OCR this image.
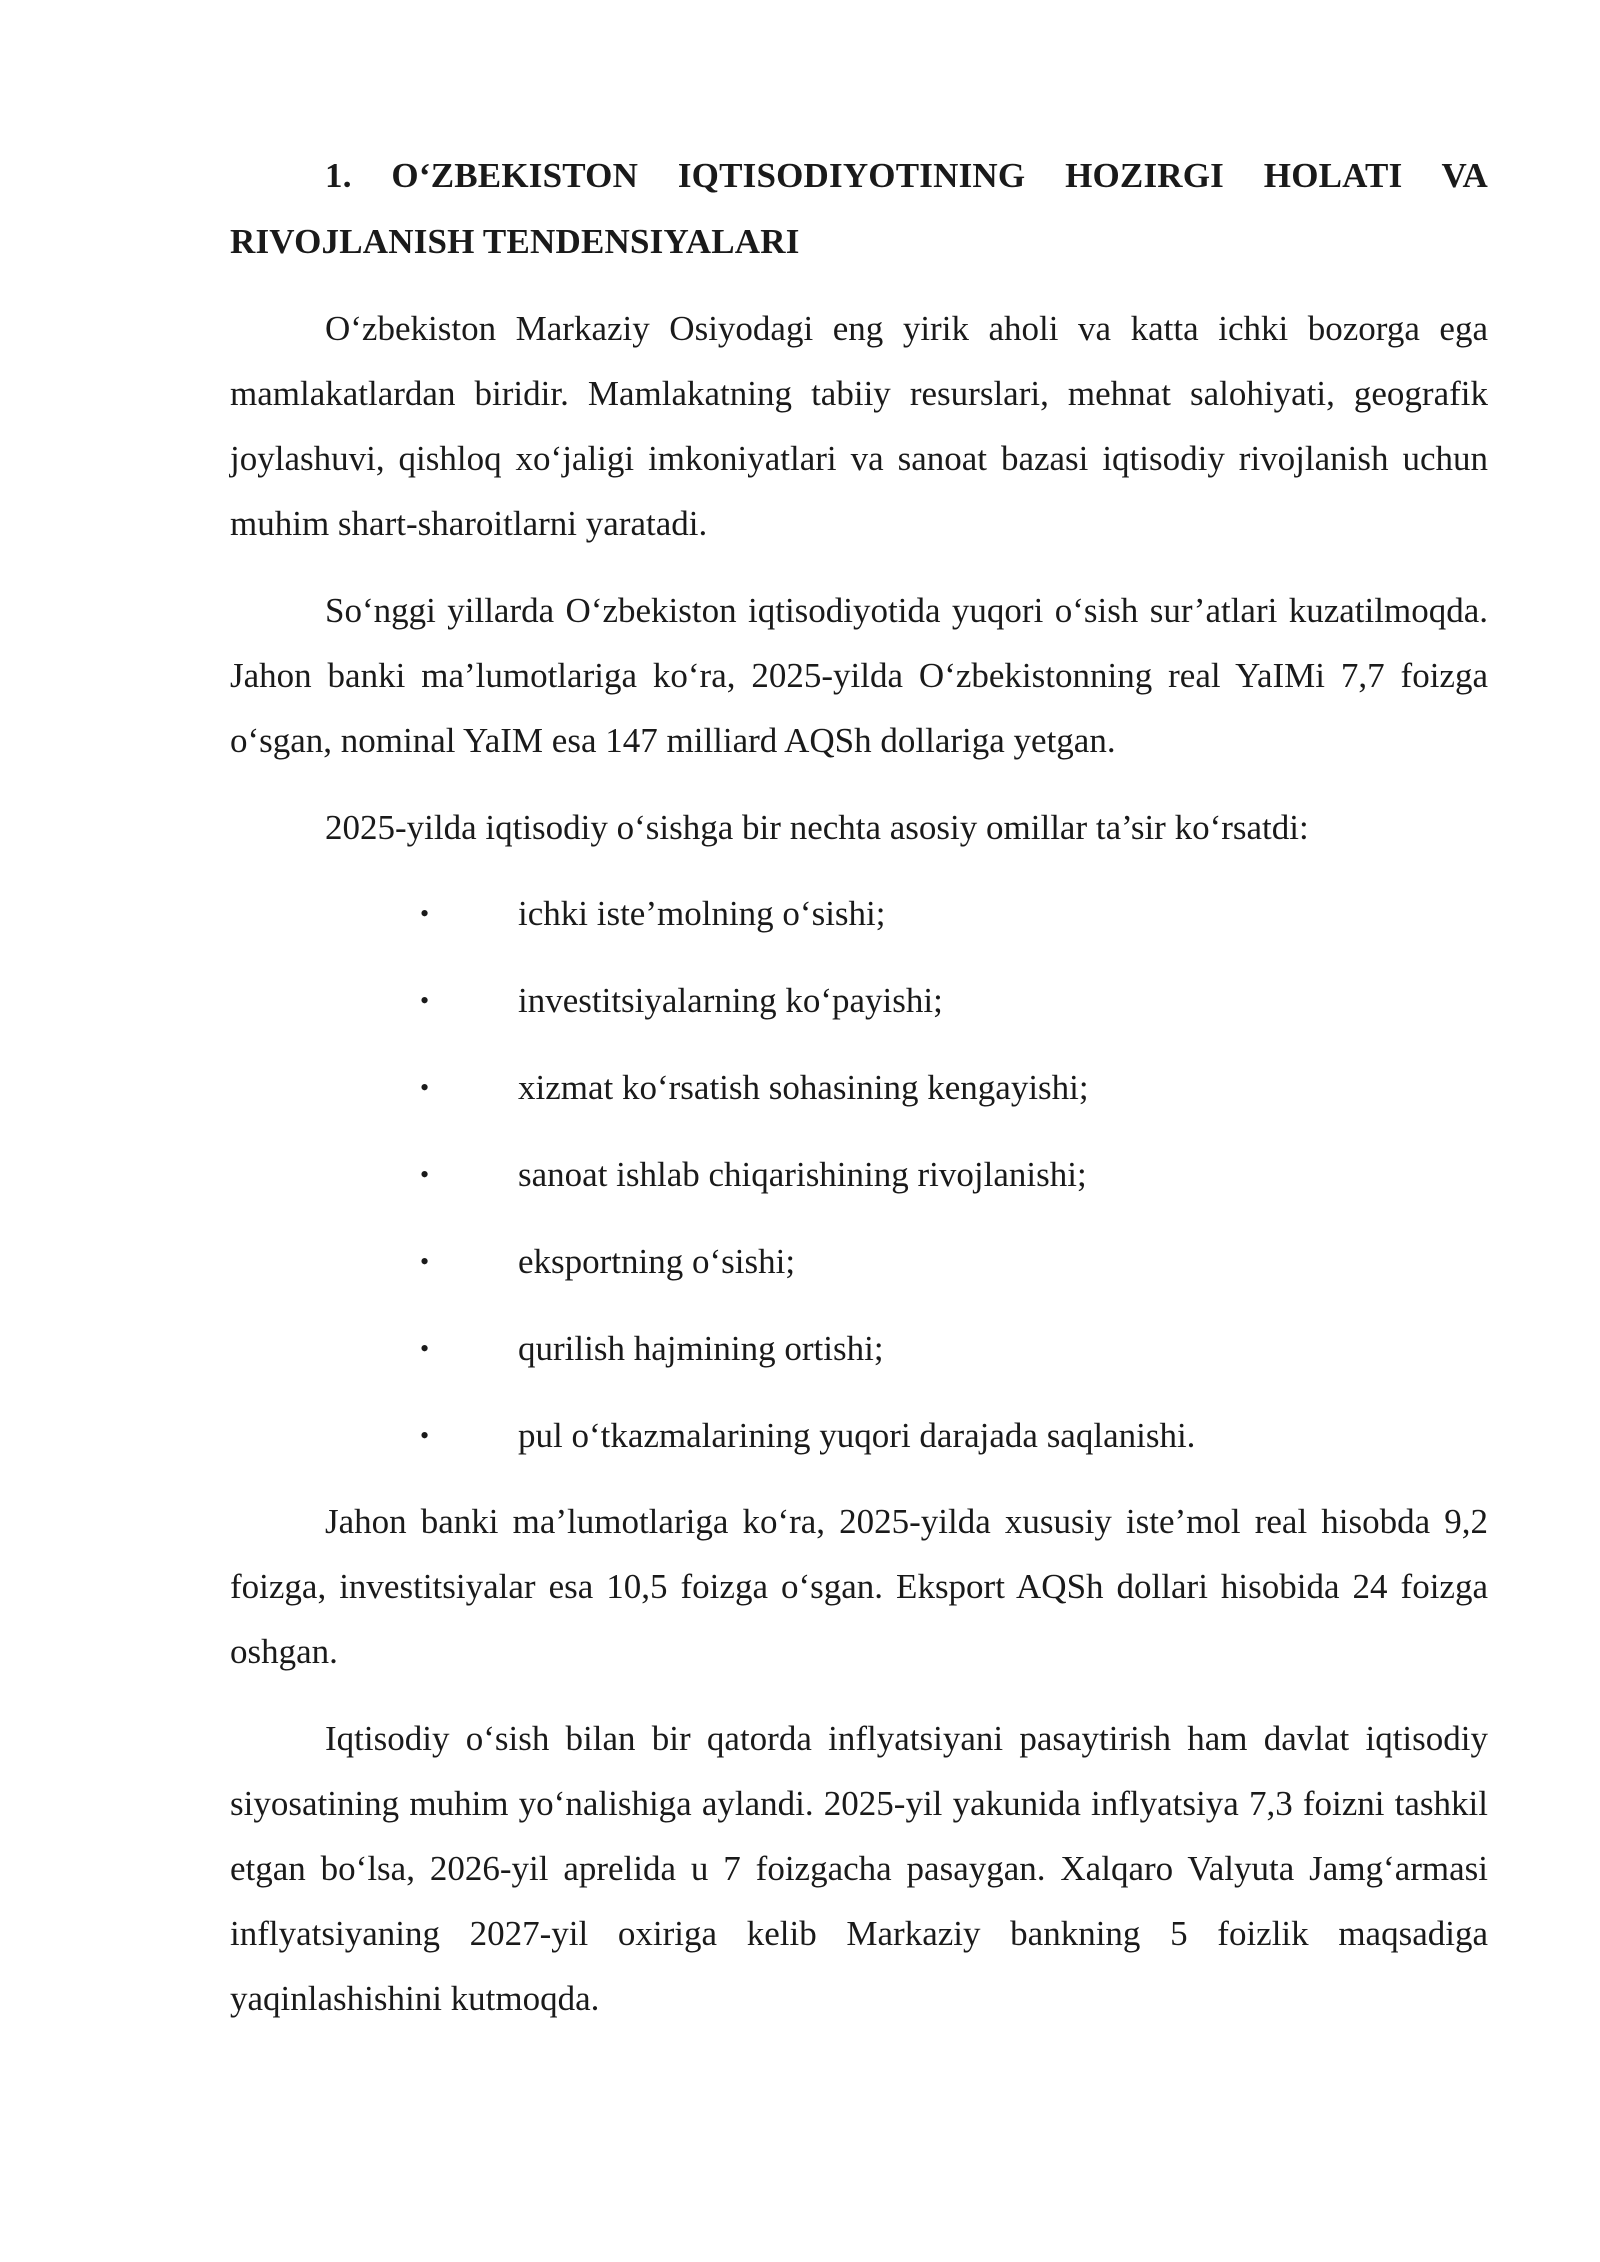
1. O‘ZBEKISTON IQTISODIYOTINING HOZIRGI HOLATI VA RIVOJLANISH TENDENSIYALARI

O‘zbekiston Markaziy Osiyodagi eng yirik aholi va katta ichki bozorga ega mamlakatlardan biridir. Mamlakatning tabiiy resurslari, mehnat salohiyati, geografik joylashuvi, qishloq xo‘jaligi imkoniyatlari va sanoat bazasi iqtisodiy rivojlanish uchun muhim shart-sharoitlarni yaratadi.

So‘nggi yillarda O‘zbekiston iqtisodiyotida yuqori o‘sish sur’atlari kuzatilmoqda. Jahon banki ma’lumotlariga ko‘ra, 2025-yilda O‘zbekistonning real YaIMi 7,7 foizga o‘sgan, nominal YaIM esa 147 milliard AQSh dollariga yetgan.

2025-yilda iqtisodiy o‘sishga bir nechta asosiy omillar ta’sir ko‘rsatdi:

•	ichki iste’molning o‘sishi;
•	investitsiyalarning ko‘payishi;
•	xizmat ko‘rsatish sohasining kengayishi;
•	sanoat ishlab chiqarishining rivojlanishi;
•	eksportning o‘sishi;
•	qurilish hajmining ortishi;
•	pul o‘tkazmalarining yuqori darajada saqlanishi.

Jahon banki ma’lumotlariga ko‘ra, 2025-yilda xususiy iste’mol real hisobda 9,2 foizga, investitsiyalar esa 10,5 foizga o‘sgan. Eksport AQSh dollari hisobida 24 foizga oshgan.

Iqtisodiy o‘sish bilan bir qatorda inflyatsiyani pasaytirish ham davlat iqtisodiy siyosatining muhim yo‘nalishiga aylandi. 2025-yil yakunida inflyatsiya 7,3 foizni tashkil etgan bo‘lsa, 2026-yil aprelida u 7 foizgacha pasaygan. Xalqaro Valyuta Jamg‘armasi inflyatsiyaning 2027-yil oxiriga kelib Markaziy bankning 5 foizlik maqsadiga yaqinlashishini kutmoqda.
